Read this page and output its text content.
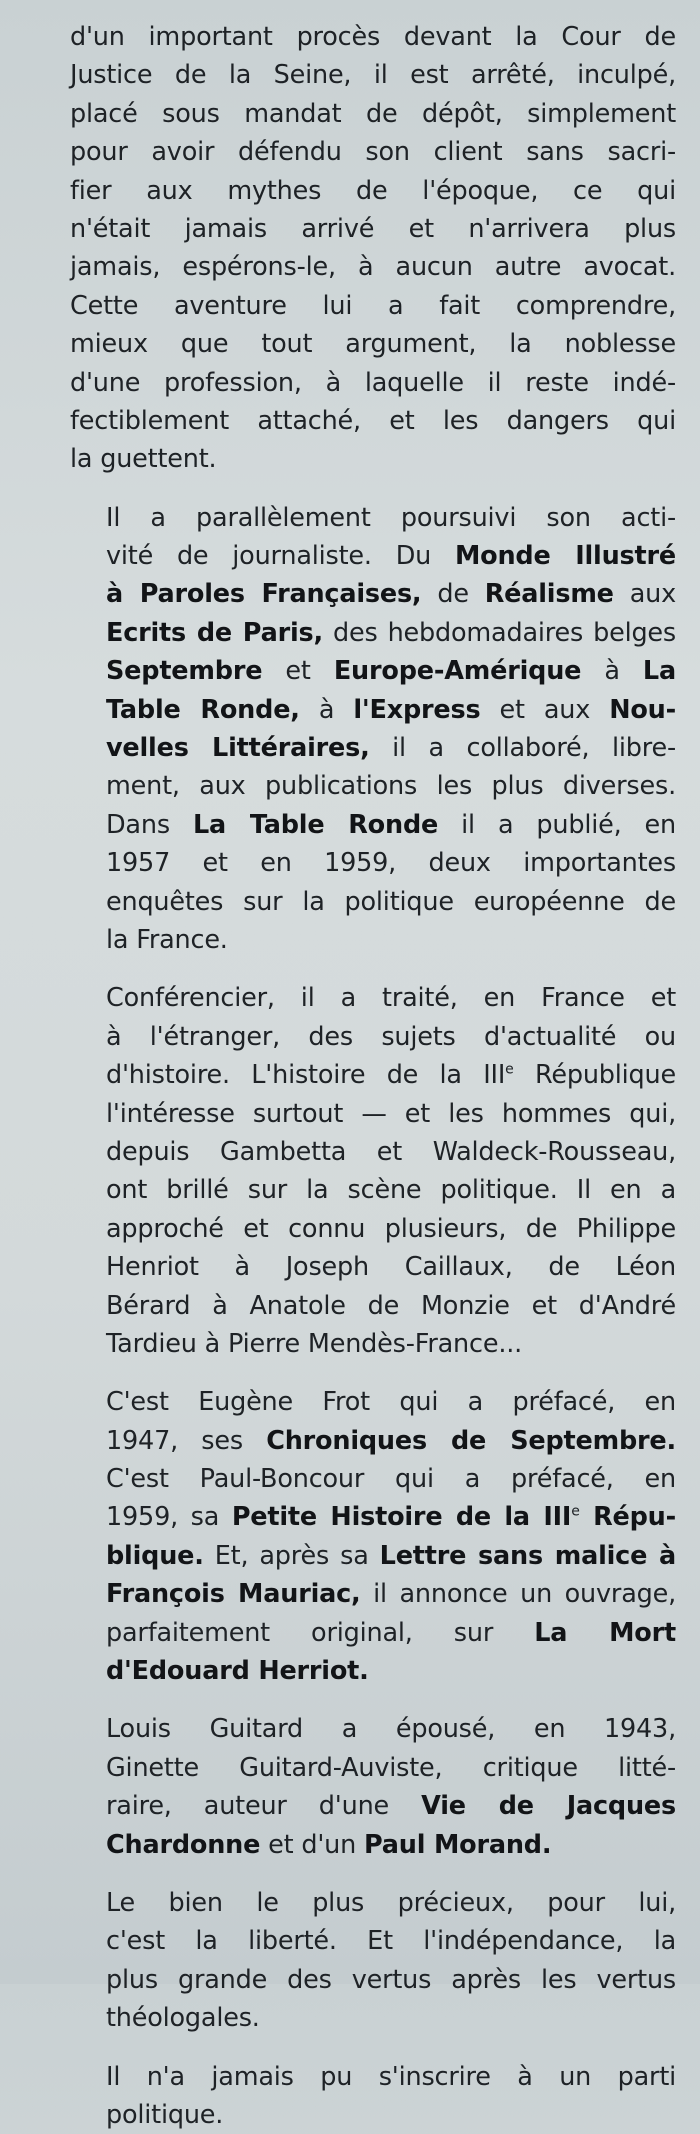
d'un important procès devant la Cour de
Justice de la Seine, il est arrêté, inculpé,
placé sous mandat de dépôt, simplement
pour avoir défendu son client sans sacri-
fier aux mythes de l'époque, ce qui
n'était jamais arrivé et n'arrivera plus
jamais, espérons-le, à aucun autre avocat.
Cette aventure lui a fait comprendre,
mieux que tout argument, la noblesse
d'une profession, à laquelle il reste indé-
fectiblement attaché, et les dangers qui
la guettent.
Il a parallèlement poursuivi son acti-
vité de journaliste. Du Monde Illustré
à Paroles Françaises, de Réalisme aux
Ecrits de Paris, des hebdomadaires belges
Septembre et Europe-Amérique à La
Table Ronde, à l'Express et aux Nou-
velles Littéraires, il a collaboré, libre-
ment, aux publications les plus diverses.
Dans La Table Ronde il a publié, en
1957 et en 1959, deux importantes
enquêtes sur la politique européenne de
la France.
Conférencier, il a traité, en France et
à l'étranger, des sujets d'actualité ou
d'histoire. L'histoire de la IIIe République
l'intéresse surtout — et les hommes qui,
depuis Gambetta et Waldeck-Rousseau,
ont brillé sur la scène politique. Il en a
approché et connu plusieurs, de Philippe
Henriot à Joseph Caillaux, de Léon
Bérard à Anatole de Monzie et d'André
Tardieu à Pierre Mendès-France...
C'est Eugène Frot qui a préfacé, en
1947, ses Chroniques de Septembre.
C'est Paul-Boncour qui a préfacé, en
1959, sa Petite Histoire de la IIIe Répu-
blique. Et, après sa Lettre sans malice à
François Mauriac, il annonce un ouvrage,
parfaitement original, sur La Mort
d'Edouard Herriot.
Louis Guitard a épousé, en 1943,
Ginette Guitard-Auviste, critique litté-
raire, auteur d'une Vie de Jacques
Chardonne et d'un Paul Morand.
Le bien le plus précieux, pour lui,
c'est la liberté. Et l'indépendance, la
plus grande des vertus après les vertus
théologales.
Il n'a jamais pu s'inscrire à un parti
politique.
